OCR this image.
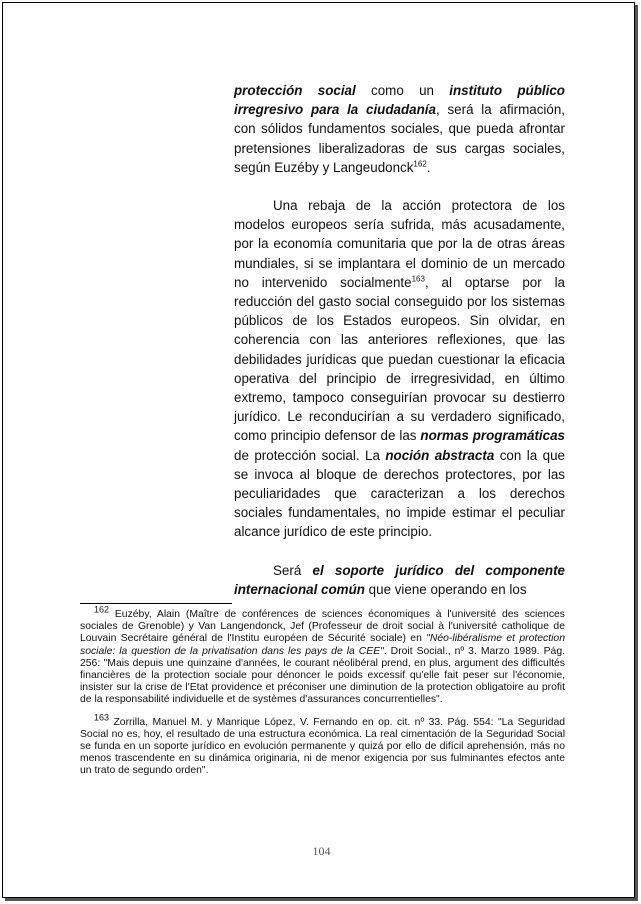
protección social como un instituto público irregresivo para la ciudadanía, será la afirmación, con sólidos fundamentos sociales, que pueda afrontar pretensiones liberalizadoras de sus cargas sociales, según Euzéby y Langeudonck$^{162}$.

Una rebaja de la acción protectora de los modelos europeos sería sufrida, más acusadamente, por la economía comunitaria que por la de otras áreas mundiales, si se implantara el dominio de un mercado no intervenido socialmente$^{163}$, al optarse por la reducción del gasto social conseguido por los sistemas públicos de los Estados europeos. Sin olvidar, en coherencia con las anteriores reflexiones, que las debilidades jurídicas que puedan cuestionar la eficacia operativa del principio de irregresividad, en último extremo, tampoco conseguirían provocar su destierro jurídico. Le reconducirían a su verdadero significado, como principio defensor de las normas programáticas de protección social. La noción abstracta con la que se invoca al bloque de derechos protectores, por las peculiaridades que caracterizan a los derechos sociales fundamentales, no impide estimar el peculiar alcance jurídico de este principio.

Será el soporte jurídico del componente internacional común que viene operando en los

162 Euzéby, Alain (Maître de conférences de sciences économiques à l'université des sciences sociales de Grenoble) y Van Langendonck, Jef (Professeur de droit social à l'université catholique de Louvain Secrétaire général de l'Institu européen de Sécurité sociale) en "Néo-libéralisme et protection sociale: la question de la privatisation dans les pays de la CEE". Droit Social., nº 3. Marzo 1989. Pág. 256: "Mais depuis une quinzaine d'années, le courant néolibéral prend, en plus, argument des difficultés financières de la protection sociale pour dénoncer le poids excessif qu'elle fait peser sur l'économie, insister sur la crise de l'Etat providence et préconiser une diminution de la protection obligatoire au profit de la responsabilité individuelle et de systèmes d'assurances concurrentielles".

163 Zorrilla, Manuel M. y Manrique López, V. Fernando en op. cit. nº 33. Pág. 554: "La Seguridad Social no es, hoy, el resultado de una estructura económica. La real cimentación de la Seguridad Social se funda en un soporte jurídico en evolución permanente y quizá por ello de difícil aprehensión, más no menos trascendente en su dinámica originaria, ni de menor exigencia por sus fulminantes efectos ante un trato de segundo orden".

104
